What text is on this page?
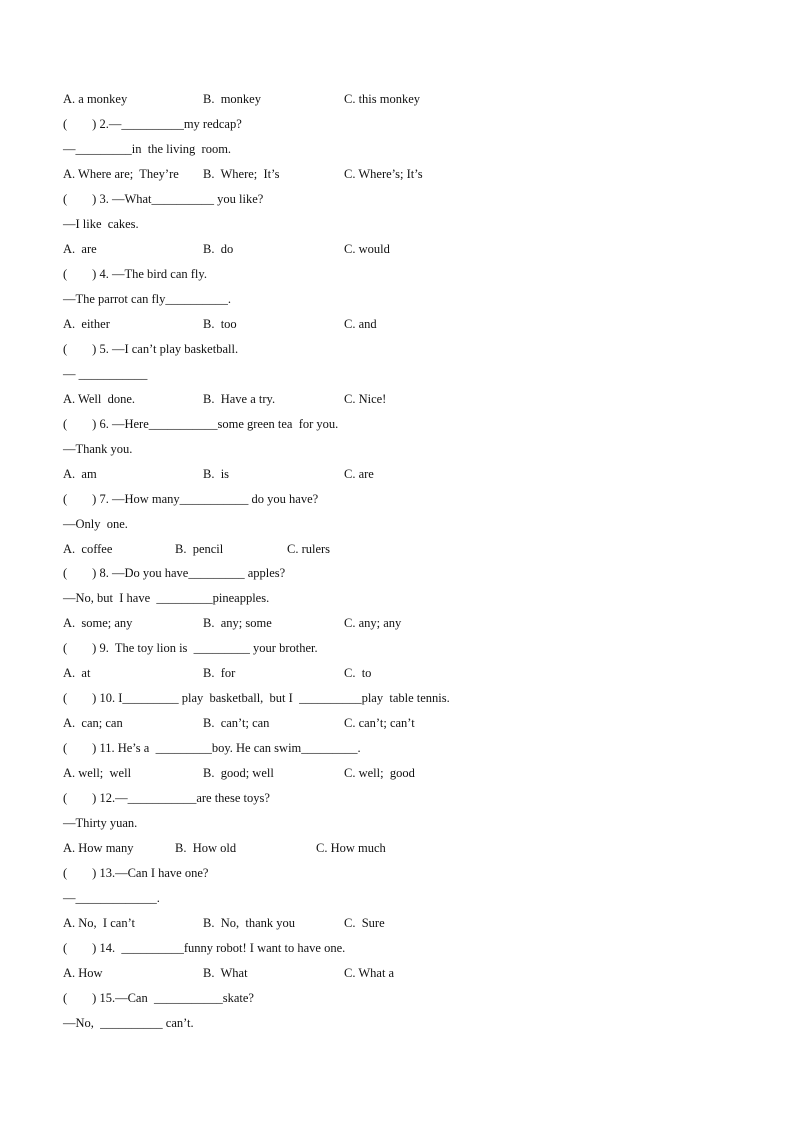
A. a monkey	B.  monkey	C. this monkey
(        ) 2.—__________my redcap?
—_________in  the living  room.
A. Where are;  They’re B.  Where;  It’s	C. Where’s; It’s
(        ) 3. —What__________ you like?
—I like  cakes.
A.  are	B.  do	C. would
(        ) 4. —The bird can fly.
—The parrot can fly__________.
A.  either	B.  too	C. and
(        ) 5. —I can’t play basketball.
— ___________
A. Well  done.	B.  Have a try.	C. Nice!
(        ) 6. —Here___________some green tea  for you.
—Thank you.
A.  am	B.  is	C. are
(        ) 7. —How many___________ do you have?
—Only  one.
A.  coffee	B.  pencil	C. rulers
(        ) 8. —Do you have_________ apples?
—No, but  I have  _________pineapples.
A.  some; any	B.  any; some	C. any; any
(        ) 9.  The toy lion is  _________ your brother.
A.  at	B.  for	C.  to
(        ) 10. I_________ play  basketball,  but I  __________play  table tennis.
A.  can; can	B.  can’t; can	C. can’t; can’t
(        ) 11. He’s a  _________boy. He can swim_________.
A. well;  well	B.  good; well	C. well;  good
(        ) 12.—___________are these toys?
—Thirty yuan.
A. How many	B.  How old	C. How much
(        ) 13.—Can I have one?
—_____________.
A. No,  I can’t	B.  No,  thank you	C.  Sure
(        ) 14.  __________funny robot! I want to have one.
A. How	B.  What	C. What a
(        ) 15.—Can  ___________skate?
—No,  __________ can’t.
